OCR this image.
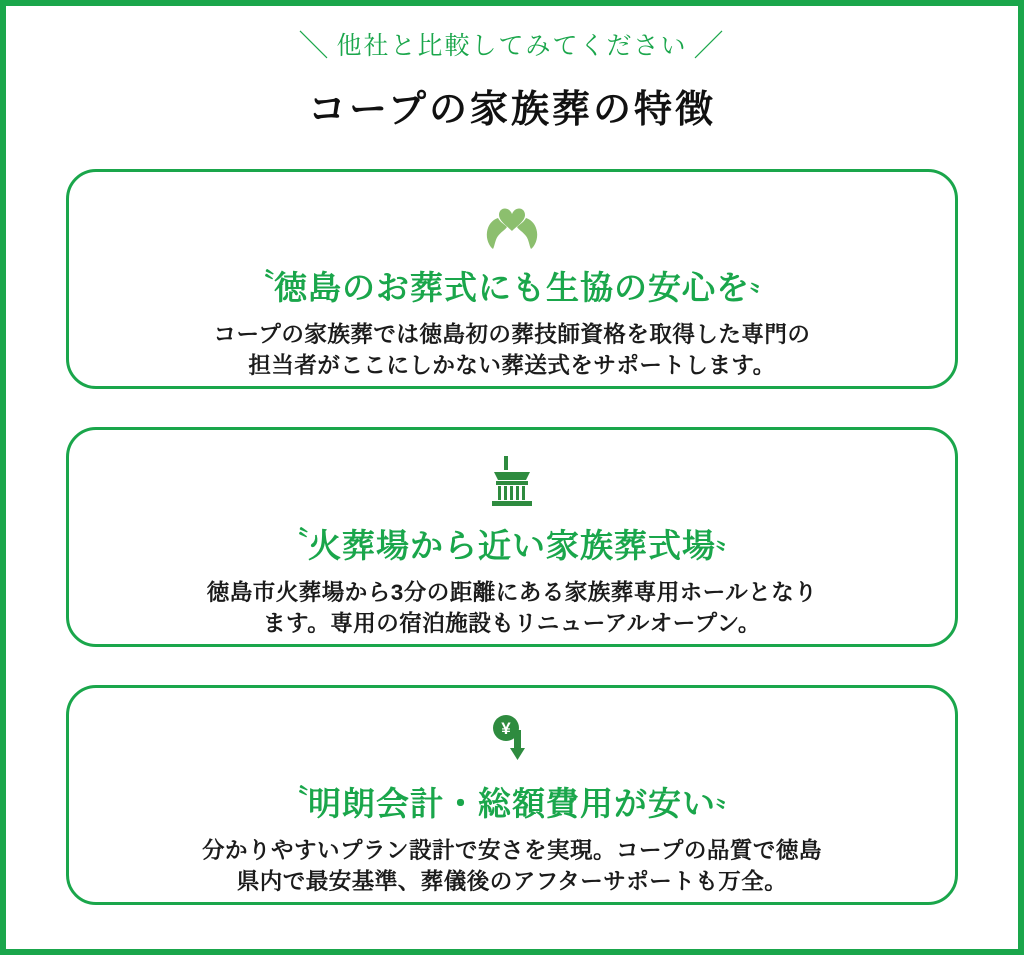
＼ 他社と比較してみてください ／
コープの家族葬の特徴
〝徳島のお葬式にも生協の安心を〟
コープの家族葬では徳島初の葬技師資格を取得した専門の
担当者がここにしかない葬送式をサポートします。
〝火葬場から近い家族葬式場〟
徳島市火葬場から3分の距離にある家族葬専用ホールとなり
ます。専用の宿泊施設もリニューアルオープン。
¥
〝明朗会計・総額費用が安い〟
分かりやすいプラン設計で安さを実現。コープの品質で徳島
県内で最安基準、葬儀後のアフターサポートも万全。
